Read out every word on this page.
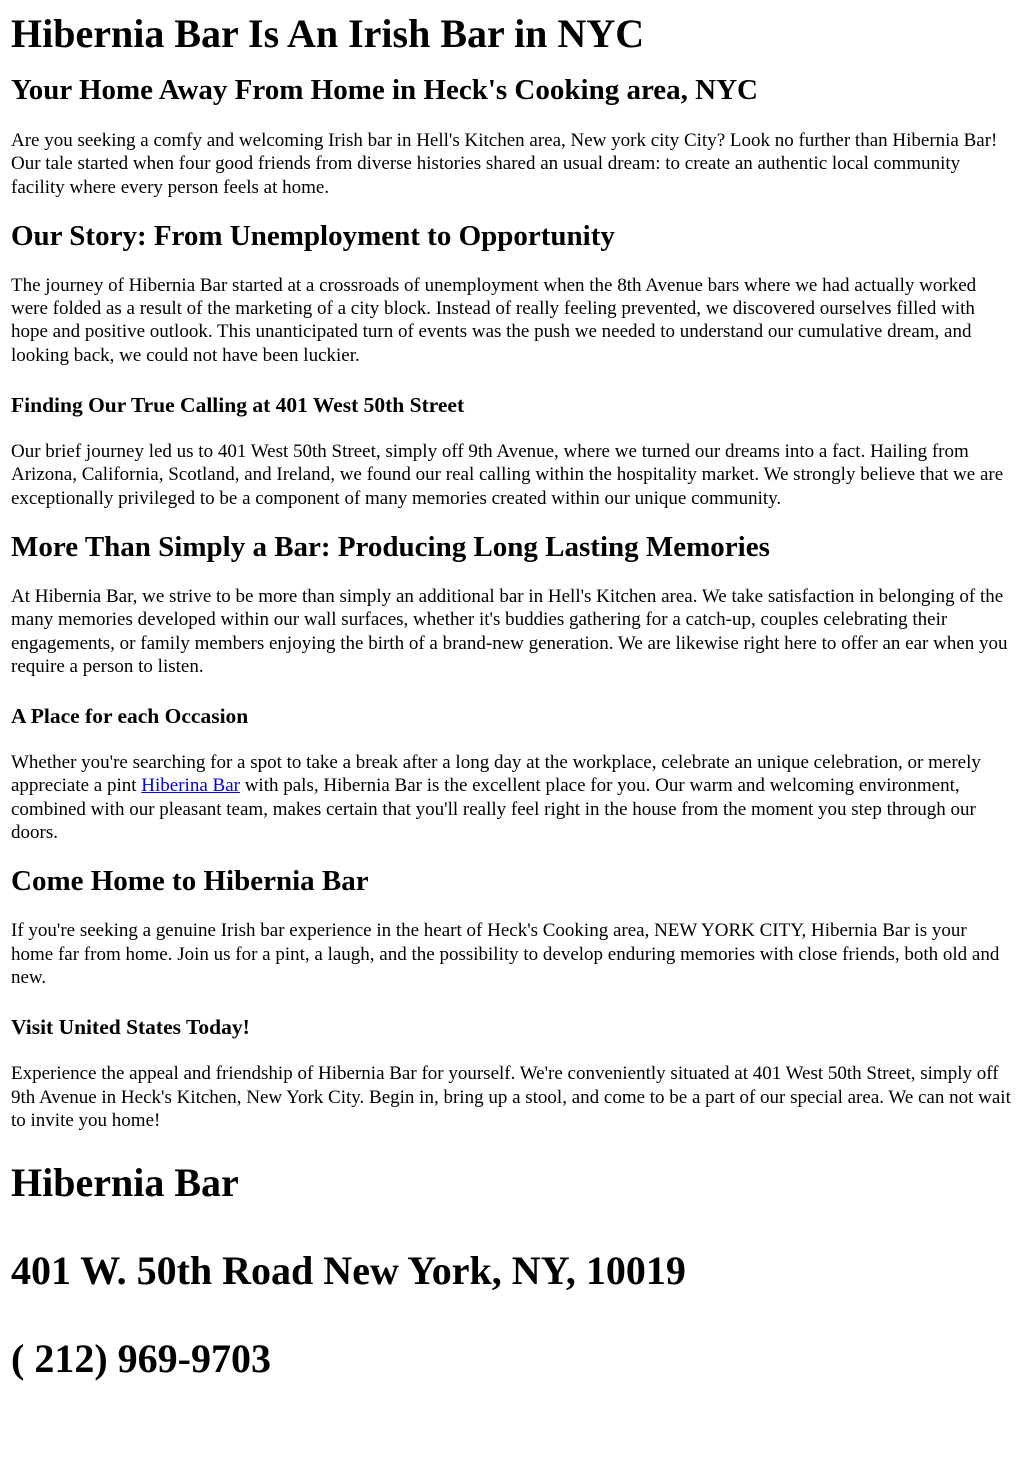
Hibernia Bar Is An Irish Bar in NYC
Your Home Away From Home in Heck's Cooking area, NYC

Are you seeking a comfy and welcoming Irish bar in Hell's Kitchen area, New york city City? Look no further than Hibernia Bar! Our tale started when four good friends from diverse histories shared an usual dream: to create an authentic local community facility where every person feels at home.

Our Story: From Unemployment to Opportunity

The journey of Hibernia Bar started at a crossroads of unemployment when the 8th Avenue bars where we had actually worked were folded as a result of the marketing of a city block. Instead of really feeling prevented, we discovered ourselves filled with hope and positive outlook. This unanticipated turn of events was the push we needed to understand our cumulative dream, and looking back, we could not have been luckier.

Finding Our True Calling at 401 West 50th Street

Our brief journey led us to 401 West 50th Street, simply off 9th Avenue, where we turned our dreams into a fact. Hailing from Arizona, California, Scotland, and Ireland, we found our real calling within the hospitality market. We strongly believe that we are exceptionally privileged to be a component of many memories created within our unique community.

More Than Simply a Bar: Producing Long Lasting Memories

At Hibernia Bar, we strive to be more than simply an additional bar in Hell's Kitchen area. We take satisfaction in belonging of the many memories developed within our wall surfaces, whether it's buddies gathering for a catch-up, couples celebrating their engagements, or family members enjoying the birth of a brand-new generation. We are likewise right here to offer an ear when you require a person to listen.

A Place for each Occasion

Whether you're searching for a spot to take a break after a long day at the workplace, celebrate an unique celebration, or merely appreciate a pint Hiberina Bar with pals, Hibernia Bar is the excellent place for you. Our warm and welcoming environment, combined with our pleasant team, makes certain that you'll really feel right in the house from the moment you step through our doors.

Come Home to Hibernia Bar

If you're seeking a genuine Irish bar experience in the heart of Heck's Cooking area, NEW YORK CITY, Hibernia Bar is your home far from home. Join us for a pint, a laugh, and the possibility to develop enduring memories with close friends, both old and new.

Visit United States Today!

Experience the appeal and friendship of Hibernia Bar for yourself. We're conveniently situated at 401 West 50th Street, simply off 9th Avenue in Heck's Kitchen, New York City. Begin in, bring up a stool, and come to be a part of our special area. We can not wait to invite you home!

Hibernia Bar
401 W. 50th Road New York, NY, 10019
( 212) 969-9703
